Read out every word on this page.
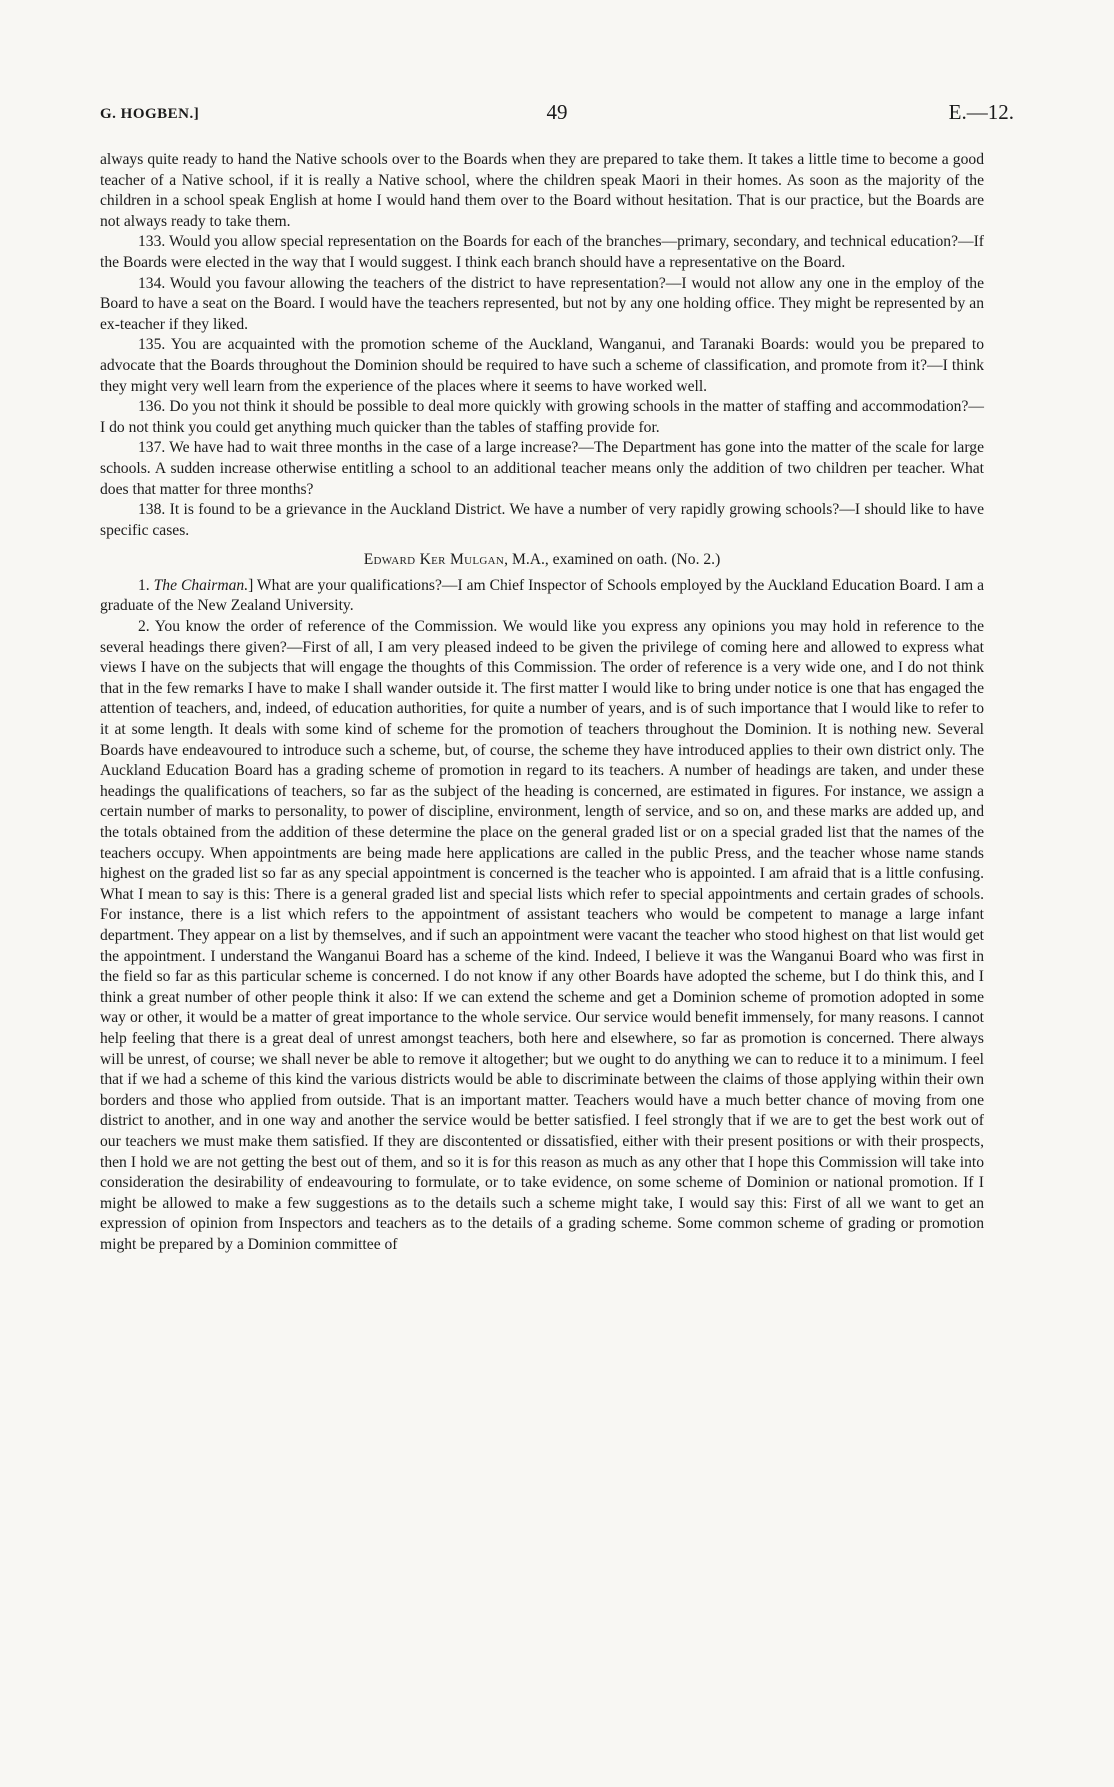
G. HOGBEN.]	49	E.—12.

always quite ready to hand the Native schools over to the Boards when they are prepared to take them. It takes a little time to become a good teacher of a Native school, if it is really a Native school, where the children speak Maori in their homes. As soon as the majority of the children in a school speak English at home I would hand them over to the Board without hesitation. That is our practice, but the Boards are not always ready to take them.

133. Would you allow special representation on the Boards for each of the branches—primary, secondary, and technical education?—If the Boards were elected in the way that I would suggest. I think each branch should have a representative on the Board.

134. Would you favour allowing the teachers of the district to have representation?—I would not allow any one in the employ of the Board to have a seat on the Board. I would have the teachers represented, but not by any one holding office. They might be represented by an ex-teacher if they liked.

135. You are acquainted with the promotion scheme of the Auckland, Wanganui, and Taranaki Boards: would you be prepared to advocate that the Boards throughout the Dominion should be required to have such a scheme of classification, and promote from it?—I think they might very well learn from the experience of the places where it seems to have worked well.

136. Do you not think it should be possible to deal more quickly with growing schools in the matter of staffing and accommodation?—I do not think you could get anything much quicker than the tables of staffing provide for.

137. We have had to wait three months in the case of a large increase?—The Department has gone into the matter of the scale for large schools. A sudden increase otherwise entitling a school to an additional teacher means only the addition of two children per teacher. What does that matter for three months?

138. It is found to be a grievance in the Auckland District. We have a number of very rapidly growing schools?—I should like to have specific cases.

Edward Ker Mulgan, M.A., examined on oath. (No. 2.)

1. The Chairman.] What are your qualifications?—I am Chief Inspector of Schools employed by the Auckland Education Board. I am a graduate of the New Zealand University.

2. You know the order of reference of the Commission. We would like you express any opinions you may hold in reference to the several headings there given?—First of all, I am very pleased indeed to be given the privilege of coming here and allowed to express what views I have on the subjects that will engage the thoughts of this Commission. The order of reference is a very wide one, and I do not think that in the few remarks I have to make I shall wander outside it. The first matter I would like to bring under notice is one that has engaged the attention of teachers, and, indeed, of education authorities, for quite a number of years, and is of such importance that I would like to refer to it at some length. It deals with some kind of scheme for the promotion of teachers throughout the Dominion. It is nothing new. Several Boards have endeavoured to introduce such a scheme, but, of course, the scheme they have introduced applies to their own district only. The Auckland Education Board has a grading scheme of promotion in regard to its teachers. A number of headings are taken, and under these headings the qualifications of teachers, so far as the subject of the heading is concerned, are estimated in figures. For instance, we assign a certain number of marks to personality, to power of discipline, environment, length of service, and so on, and these marks are added up, and the totals obtained from the addition of these determine the place on the general graded list or on a special graded list that the names of the teachers occupy. When appointments are being made here applications are called in the public Press, and the teacher whose name stands highest on the graded list so far as any special appointment is concerned is the teacher who is appointed. I am afraid that is a little confusing. What I mean to say is this: There is a general graded list and special lists which refer to special appointments and certain grades of schools. For instance, there is a list which refers to the appointment of assistant teachers who would be competent to manage a large infant department. They appear on a list by themselves, and if such an appointment were vacant the teacher who stood highest on that list would get the appointment. I understand the Wanganui Board has a scheme of the kind. Indeed, I believe it was the Wanganui Board who was first in the field so far as this particular scheme is concerned. I do not know if any other Boards have adopted the scheme, but I do think this, and I think a great number of other people think it also: If we can extend the scheme and get a Dominion scheme of promotion adopted in some way or other, it would be a matter of great importance to the whole service. Our service would benefit immensely, for many reasons. I cannot help feeling that there is a great deal of unrest amongst teachers, both here and elsewhere, so far as promotion is concerned. There always will be unrest, of course; we shall never be able to remove it altogether; but we ought to do anything we can to reduce it to a minimum. I feel that if we had a scheme of this kind the various districts would be able to discriminate between the claims of those applying within their own borders and those who applied from outside. That is an important matter. Teachers would have a much better chance of moving from one district to another, and in one way and another the service would be better satisfied. I feel strongly that if we are to get the best work out of our teachers we must make them satisfied. If they are discontented or dissatisfied, either with their present positions or with their prospects, then I hold we are not getting the best out of them, and so it is for this reason as much as any other that I hope this Commission will take into consideration the desirability of endeavouring to formulate, or to take evidence, on some scheme of Dominion or national promotion. If I might be allowed to make a few suggestions as to the details such a scheme might take, I would say this: First of all we want to get an expression of opinion from Inspectors and teachers as to the details of a grading scheme. Some common scheme of grading or promotion might be prepared by a Dominion committee of
